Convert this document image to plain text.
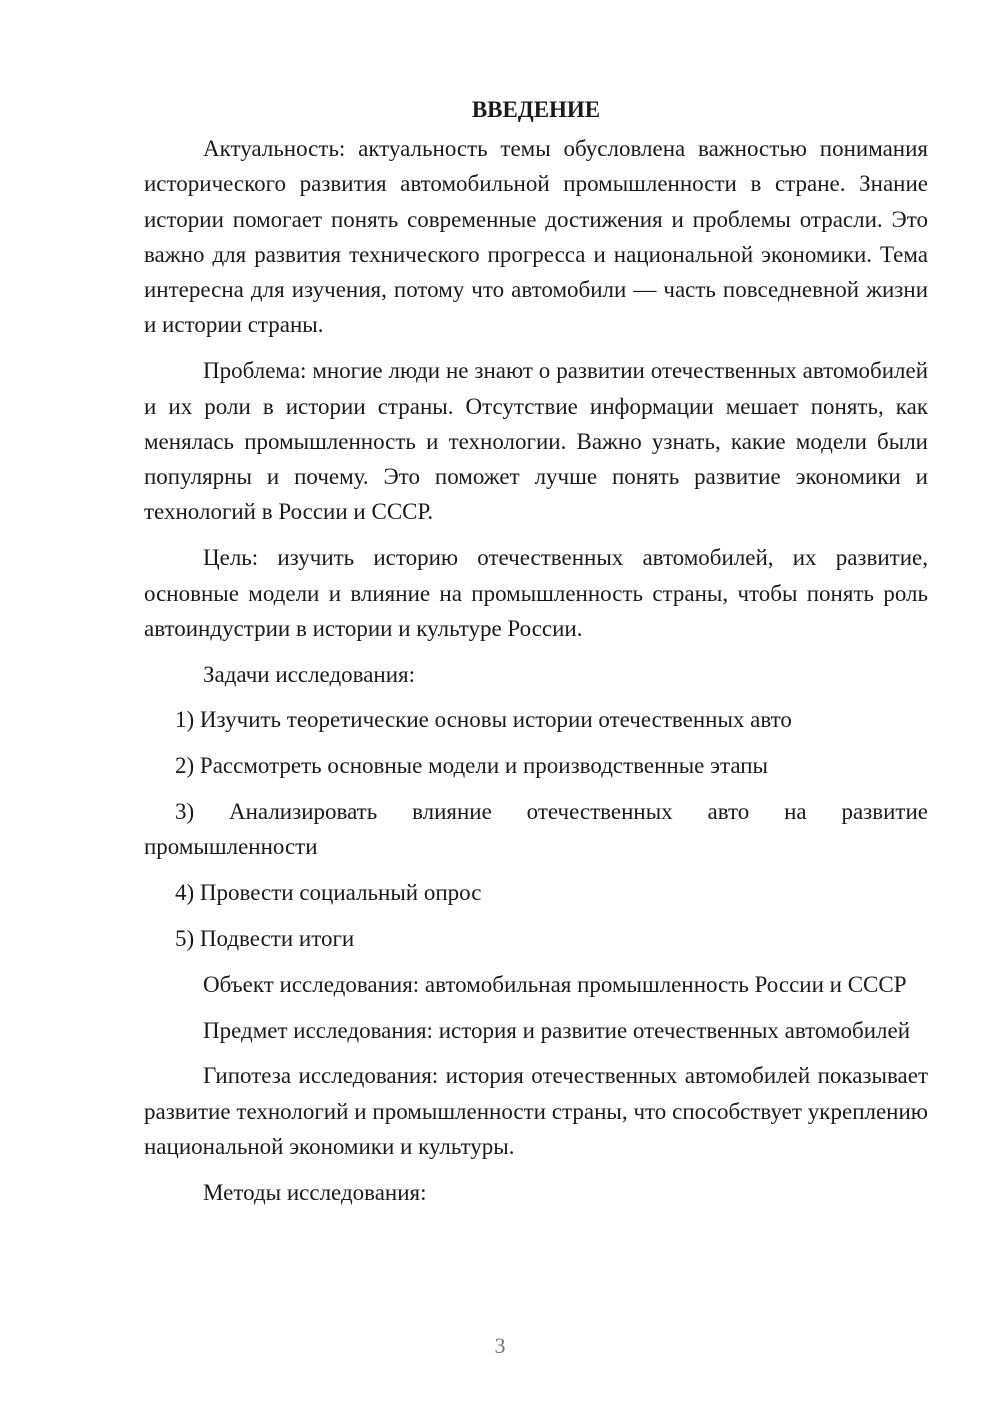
ВВЕДЕНИЕ

Актуальность: актуальность темы обусловлена важностью понимания исторического развития автомобильной промышленности в стране. Знание истории помогает понять современные достижения и проблемы отрасли. Это важно для развития технического прогресса и национальной экономики. Тема интересна для изучения, потому что автомобили — часть повседневной жизни и истории страны.

Проблема: многие люди не знают о развитии отечественных автомобилей и их роли в истории страны. Отсутствие информации мешает понять, как менялась промышленность и технологии. Важно узнать, какие модели были популярны и почему. Это поможет лучше понять развитие экономики и технологий в России и СССР.

Цель: изучить историю отечественных автомобилей, их развитие, основные модели и влияние на промышленность страны, чтобы понять роль автоиндустрии в истории и культуре России.

Задачи исследования:

1) Изучить теоретические основы истории отечественных авто

2) Рассмотреть основные модели и производственные этапы

3) Анализировать влияние отечественных авто на развитие промышленности

4) Провести социальный опрос

5) Подвести итоги

Объект исследования: автомобильная промышленность России и СССР

Предмет исследования: история и развитие отечественных автомобилей

Гипотеза исследования: история отечественных автомобилей показывает развитие технологий и промышленности страны, что способствует укреплению национальной экономики и культуры.

Методы исследования:

3
